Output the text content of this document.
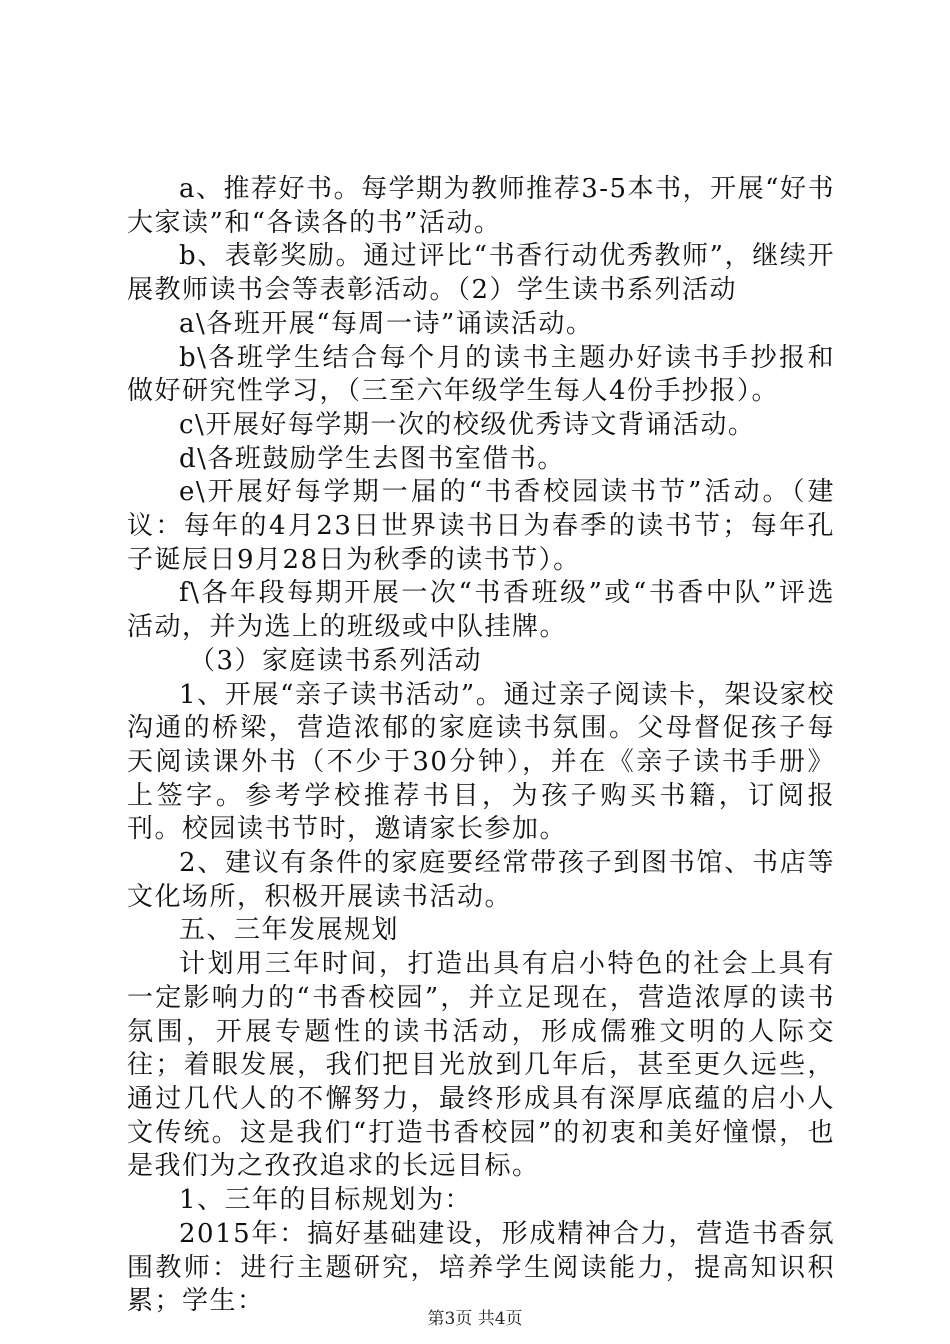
a、推荐好书。每学期为教师推荐3-5本书，开展“好书大家读”和“各读各的书”活动。

b、表彰奖励。通过评比“书香行动优秀教师”，继续开展教师读书会等表彰活动。（2）学生读书系列活动

a\各班开展“每周一诗”诵读活动。

b\各班学生结合每个月的读书主题办好读书手抄报和做好研究性学习，（三至六年级学生每人4份手抄报）。

c\开展好每学期一次的校级优秀诗文背诵活动。

d\各班鼓励学生去图书室借书。

e\开展好每学期一届的“书香校园读书节”活动。（建议：每年的4月23日世界读书日为春季的读书节；每年孔子诞辰日9月28日为秋季的读书节）。

f\各年段每期开展一次“书香班级”或“书香中队”评选活动，并为选上的班级或中队挂牌。

（3）家庭读书系列活动

1、开展“亲子读书活动”。通过亲子阅读卡，架设家校沟通的桥梁，营造浓郁的家庭读书氛围。父母督促孩子每天阅读课外书（不少于30分钟），并在《亲子读书手册》上签字。参考学校推荐书目，为孩子购买书籍，订阅报刊。校园读书节时，邀请家长参加。

2、建议有条件的家庭要经常带孩子到图书馆、书店等文化场所，积极开展读书活动。

五、三年发展规划

计划用三年时间，打造出具有启小特色的社会上具有一定影响力的“书香校园”，并立足现在，营造浓厚的读书氛围，开展专题性的读书活动，形成儒雅文明的人际交往；着眼发展，我们把目光放到几年后，甚至更久远些，通过几代人的不懈努力，最终形成具有深厚底蕴的启小人文传统。这是我们“打造书香校园”的初衷和美好憧憬，也是我们为之孜孜追求的长远目标。

1、三年的目标规划为：

2015年：搞好基础建设，形成精神合力，营造书香氛围教师：进行主题研究，培养学生阅读能力，提高知识积累；学生：

第3页 共4页
